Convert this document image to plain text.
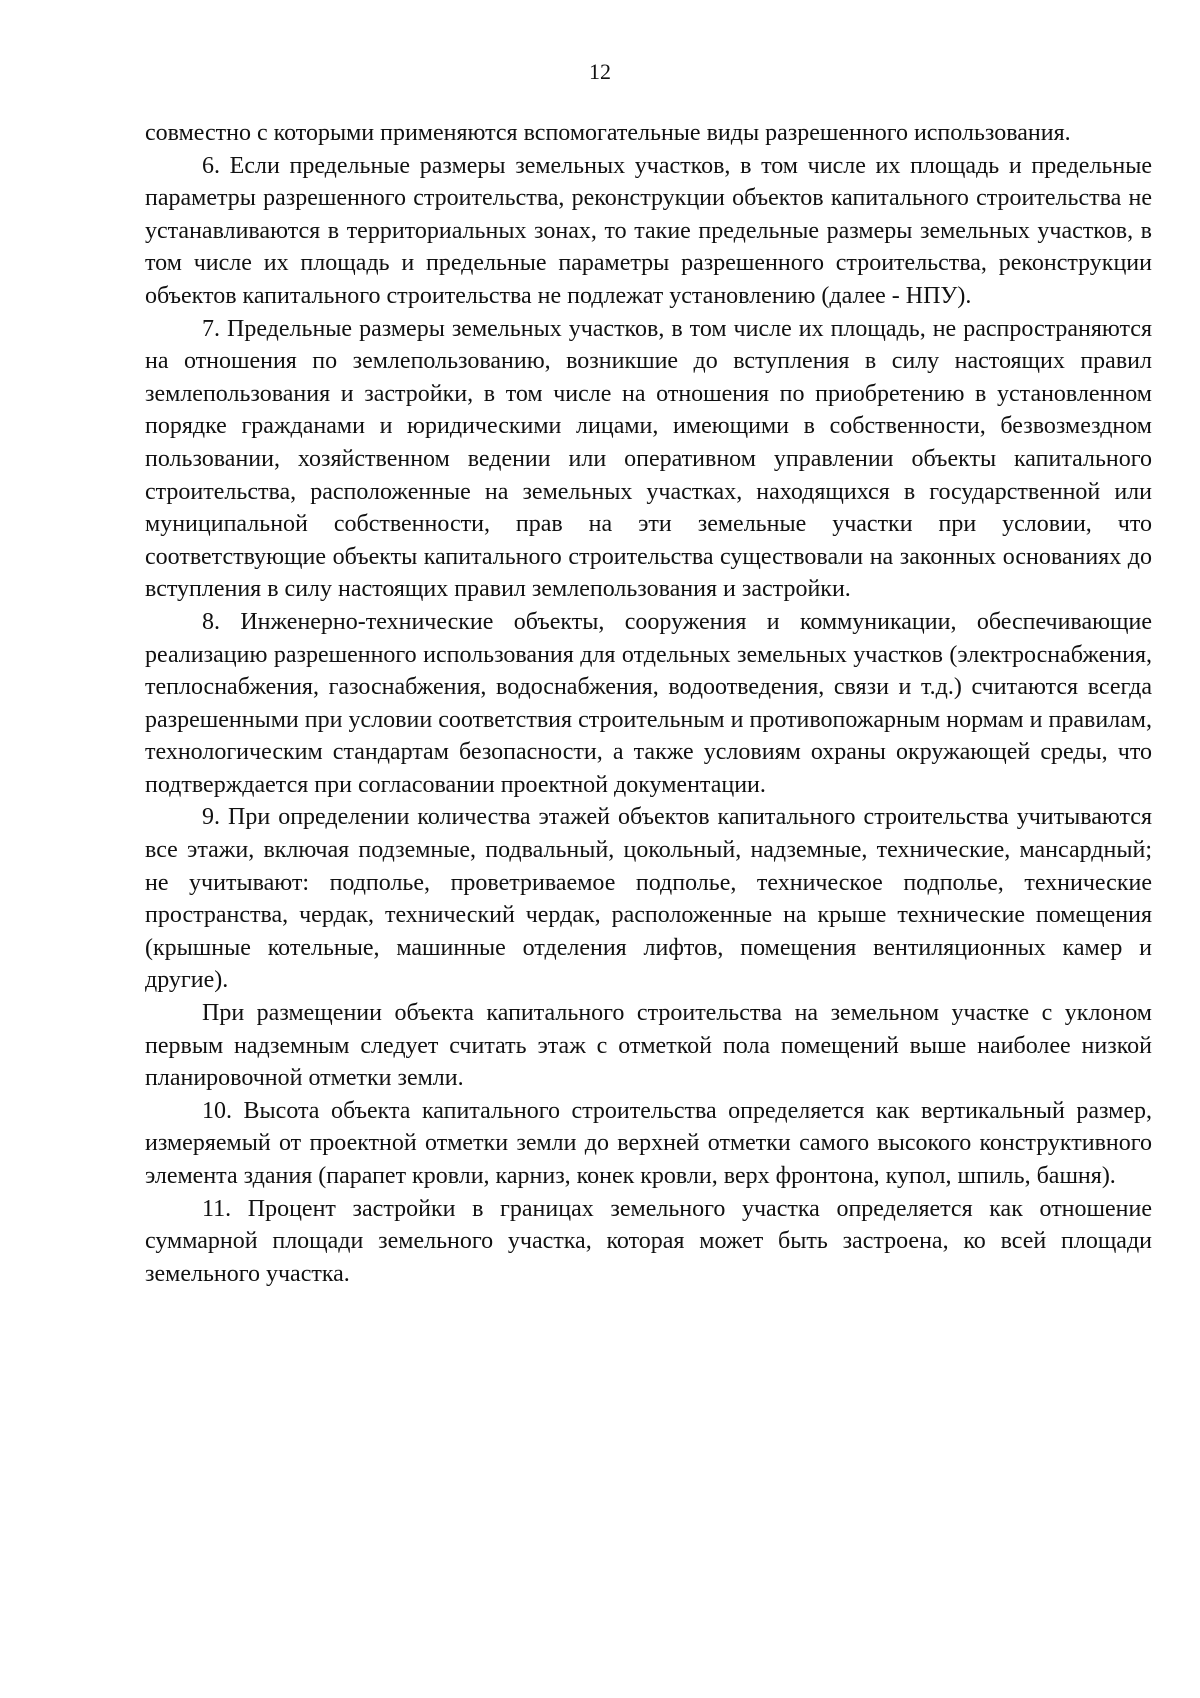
12

совместно с которыми применяются вспомогательные виды разрешенного использования.

6. Если предельные размеры земельных участков, в том числе их площадь и предельные параметры разрешенного строительства, реконструкции объектов капитального строительства не устанавливаются в территориальных зонах, то такие предельные размеры земельных участков, в том числе их площадь и предельные параметры разрешенного строительства, реконструкции объектов капитального строительства не подлежат установлению (далее - НПУ).

7. Предельные размеры земельных участков, в том числе их площадь, не распространяются на отношения по землепользованию, возникшие до вступления в силу настоящих правил землепользования и застройки, в том числе на отношения по приобретению в установленном порядке гражданами и юридическими лицами, имеющими в собственности, безвозмездном пользовании, хозяйственном ведении или оперативном управлении объекты капитального строительства, расположенные на земельных участках, находящихся в государственной или муниципальной собственности, прав на эти земельные участки при условии, что соответствующие объекты капитального строительства существовали на законных основаниях до вступления в силу настоящих правил землепользования и застройки.

8. Инженерно-технические объекты, сооружения и коммуникации, обеспечивающие реализацию разрешенного использования для отдельных земельных участков (электроснабжения, теплоснабжения, газоснабжения, водоснабжения, водоотведения, связи и т.д.) считаются всегда разрешенными при условии соответствия строительным и противопожарным нормам и правилам, технологическим стандартам безопасности, а также условиям охраны окружающей среды, что подтверждается при согласовании проектной документации.

9. При определении количества этажей объектов капитального строительства учитываются все этажи, включая подземные, подвальный, цокольный, надземные, технические, мансардный; не учитывают: подполье, проветриваемое подполье, техническое подполье, технические пространства, чердак, технический чердак, расположенные на крыше технические помещения (крышные котельные, машинные отделения лифтов, помещения вентиляционных камер и другие).

При размещении объекта капитального строительства на земельном участке с уклоном первым надземным следует считать этаж с отметкой пола помещений выше наиболее низкой планировочной отметки земли.

10. Высота объекта капитального строительства определяется как вертикальный размер, измеряемый от проектной отметки земли до верхней отметки самого высокого конструктивного элемента здания (парапет кровли, карниз, конек кровли, верх фронтона, купол, шпиль, башня).

11. Процент застройки в границах земельного участка определяется как отношение суммарной площади земельного участка, которая может быть застроена, ко всей площади земельного участка.
